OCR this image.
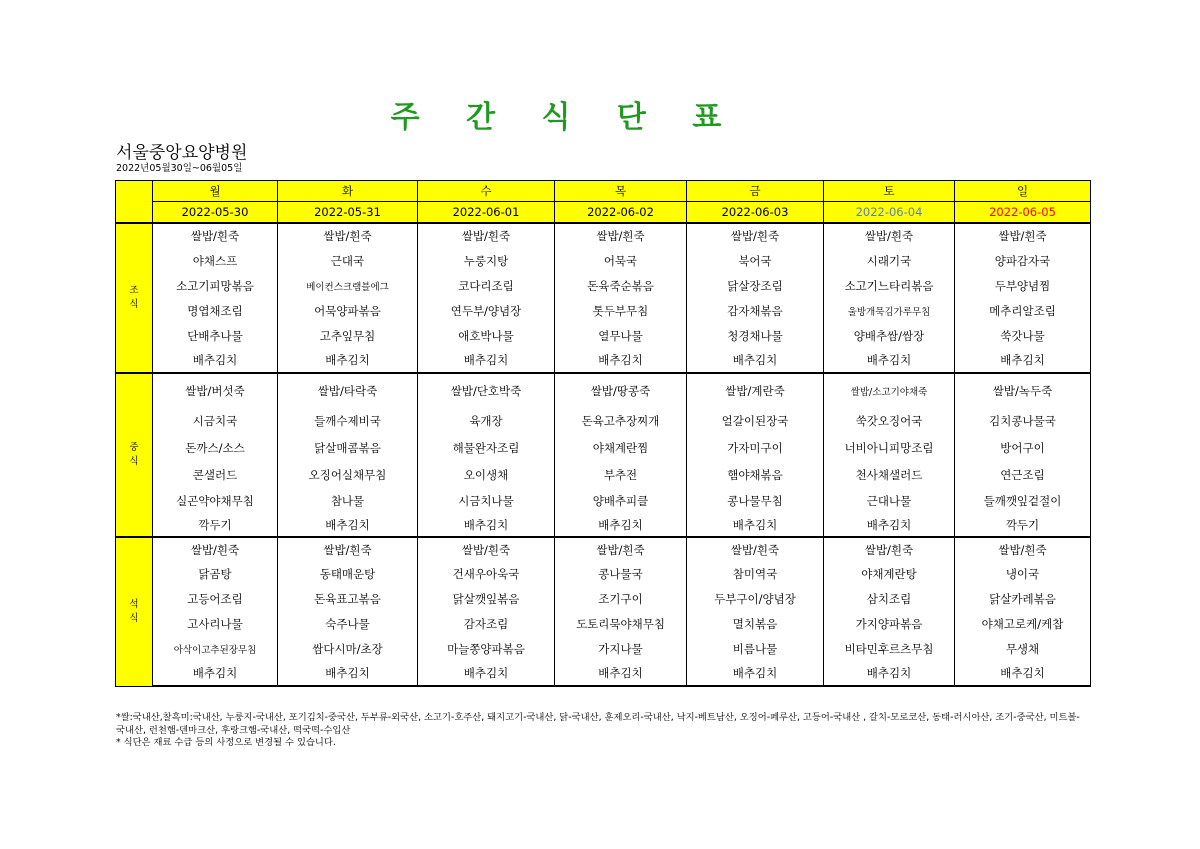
주 간 식 단 표
서울중앙요양병원
2022년05월30일~06월05일
	월	화	수	목	금	토	일
	2022-05-30	2022-05-31	2022-06-01	2022-06-02	2022-06-03	2022-06-04	2022-06-05

조
식	쌀밥/흰죽	쌀밥/흰죽	쌀밥/흰죽	쌀밥/흰죽	쌀밥/흰죽	쌀밥/흰죽	쌀밥/흰죽
	야채스프	근대국	누룽지탕	어묵국	북어국	시래기국	양파감자국
	소고기피망볶음	베이컨스크램블에그	코다리조림	돈육죽순볶음	닭살장조림	소고기느타리볶음	두부양념찜
	명엽채조림	어묵양파볶음	연두부/양념장	톳두부무침	감자채볶음	울방개묵김가루무침	메추리알조림
	단배추나물	고추잎무침	애호박나물	열무나물	청경채나물	양배추쌈/쌈장	쑥갓나물
	배추김치	배추김치	배추김치	배추김치	배추김치	배추김치	배추김치

중
식	쌀밥/버섯죽	쌀밥/타락죽	쌀밥/단호박죽	쌀밥/땅콩죽	쌀밥/계란죽	쌀밥/소고기야채죽	쌀밥/녹두죽
	시금치국	들깨수제비국	육개장	돈육고추장찌개	얼갈이된장국	쑥갓오징어국	김치콩나물국
	돈까스/소스	닭살매콤볶음	해물완자조림	야채계란찜	가자미구이	너비아니피망조림	방어구이
	콘샐러드	오징어실채무침	오이생채	부추전	햄야채볶음	천사채샐러드	연근조림
	실곤약야채무침	참나물	시금치나물	양배추피클	콩나물무침	근대나물	들깨깻잎겉절이
	깍두기	배추김치	배추김치	배추김치	배추김치	배추김치	깍두기

석
식	쌀밥/흰죽	쌀밥/흰죽	쌀밥/흰죽	쌀밥/흰죽	쌀밥/흰죽	쌀밥/흰죽	쌀밥/흰죽
	닭곰탕	동태매운탕	건새우아욱국	콩나물국	참미역국	야채계란탕	냉이국
	고등어조림	돈육표고볶음	닭살깻잎볶음	조기구이	두부구이/양념장	삼치조림	닭살카레볶음
	고사리나물	숙주나물	감자조림	도토리묵야채무침	멸치볶음	가지양파볶음	야채고로케/케찹
	아삭이고추된장무침	쌈다시마/초장	마늘쫑양파볶음	가지나물	비름나물	비타민후르츠무침	무생채
	배추김치	배추김치	배추김치	배추김치	배추김치	배추김치	배추김치
*쌀:국내산,찰흑미:국내산, 누룽지-국내산, 포기김치-중국산, 두부류-외국산, 소고기-호주산, 돼지고기-국내산, 닭-국내산, 훈제오리-국내산, 낙지-베트남산, 오징어-페루산, 고등어-국내산 , 갈치-모로코산, 동태-러시아산, 조기-중국산, 미트볼-국내산, 런천햄-덴마크산, 후랑크햄-국내산, 떡국떡-수입산
* 식단은 재료 수급 등의 사정으로 변경될 수 있습니다.
